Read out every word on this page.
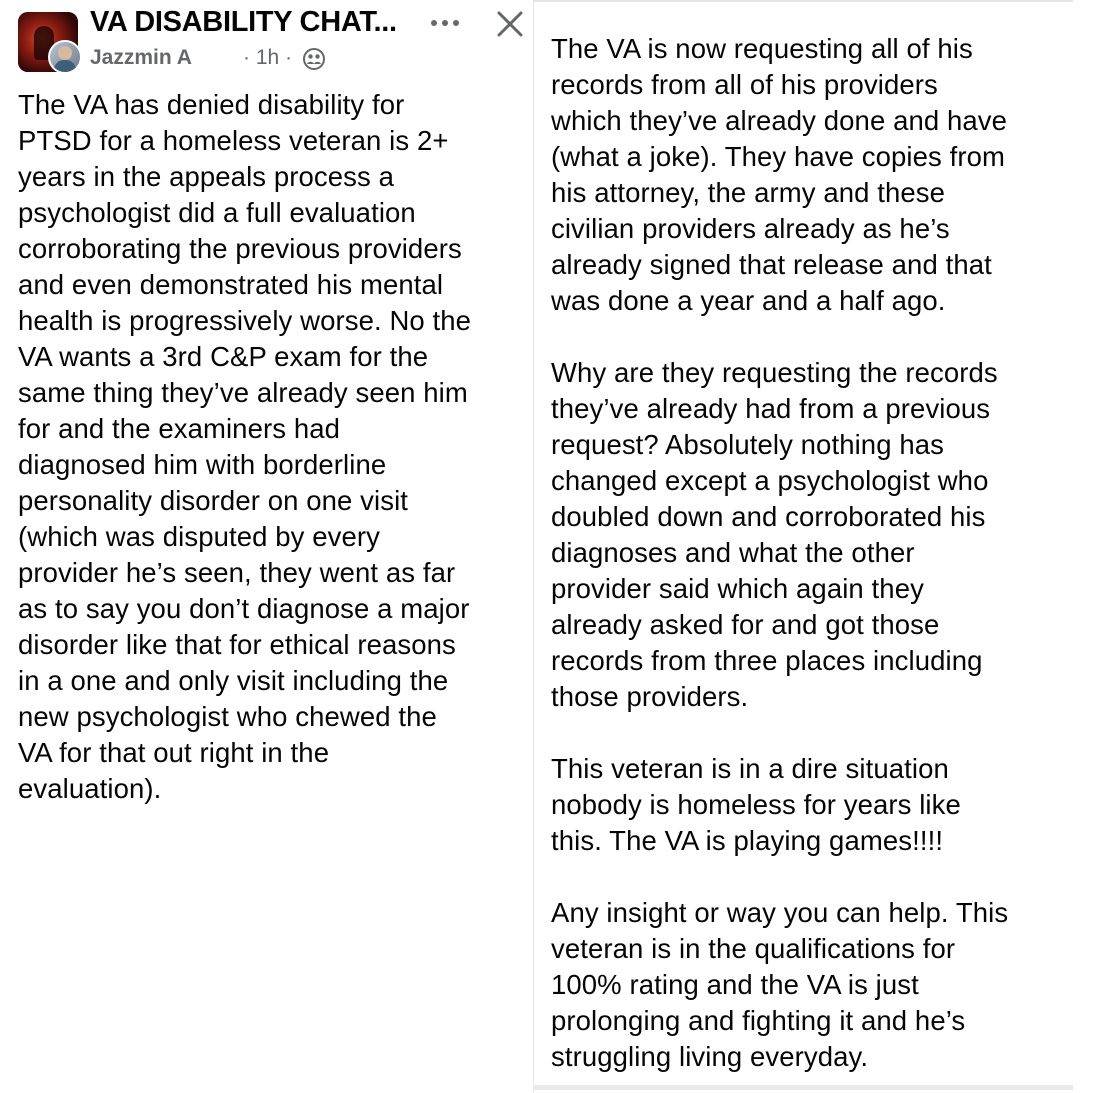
VA DISABILITY CHAT...
Jazzmin A · 1h ·

The VA has denied disability for

PTSD for a homeless veteran is 2+

years in the appeals process a

psychologist did a full evaluation

corroborating the previous providers

and even demonstrated his mental

health is progressively worse. No the

VA wants a 3rd C&P exam for the

same thing they’ve already seen him

for and the examiners had

diagnosed him with borderline

personality disorder on one visit

(which was disputed by every

provider he’s seen, they went as far

as to say you don’t diagnose a major

disorder like that for ethical reasons

in a one and only visit including the

new psychologist who chewed the

VA for that out right in the

evaluation).

The VA is now requesting all of his

records from all of his providers

which they’ve already done and have

(what a joke). They have copies from

his attorney, the army and these

civilian providers already as he’s

already signed that release and that

was done a year and a half ago.

Why are they requesting the records

they’ve already had from a previous

request? Absolutely nothing has

changed except a psychologist who

doubled down and corroborated his

diagnoses and what the other

provider said which again they

already asked for and got those

records from three places including

those providers.

This veteran is in a dire situation

nobody is homeless for years like

this. The VA is playing games!!!!

Any insight or way you can help. This

veteran is in the qualifications for

100% rating and the VA is just

prolonging and fighting it and he’s

struggling living everyday.
